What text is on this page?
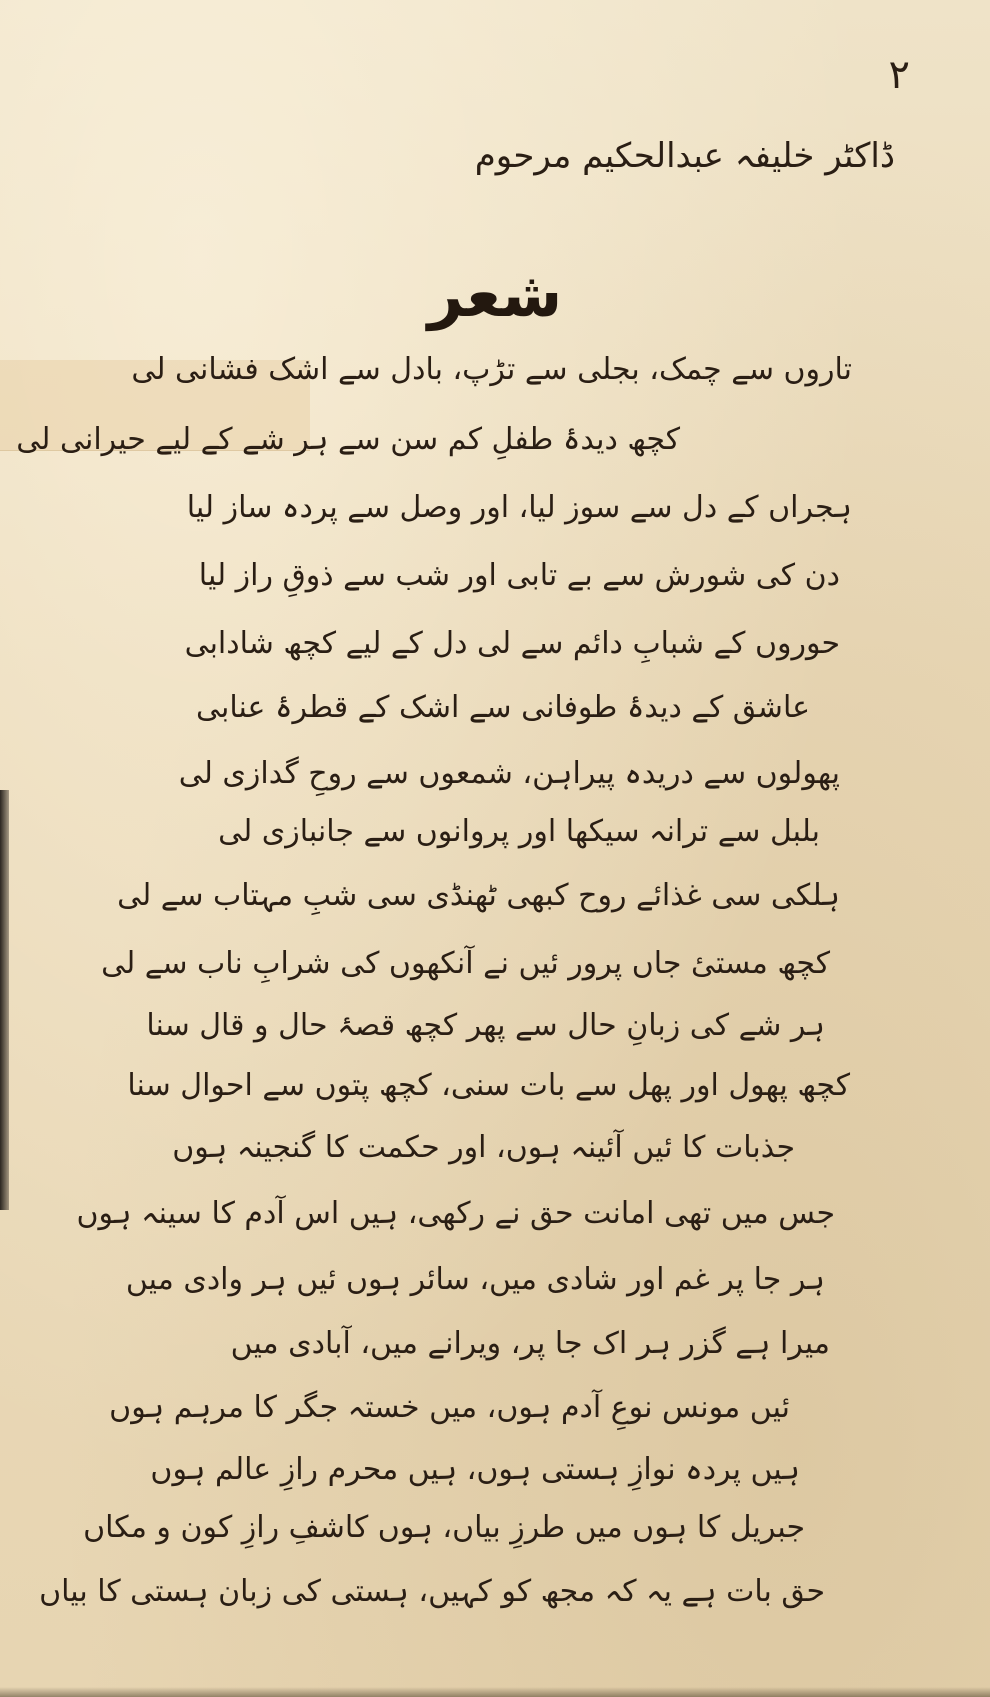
۲
ڈاکٹر خلیفہ عبدالحکیم مرحوم
شعر
تاروں سے چمک، بجلی سے تڑپ، بادل سے اشک فشانی لی
کچھ دیدۂ طفلِ کم سن سے ہر شے کے لیے حیرانی لی
ہجراں کے دل سے سوز لیا، اور وصل سے پردہ ساز لیا
دن کی شورش سے بے تابی اور شب سے ذوقِ راز لیا
حوروں کے شبابِ دائم سے لی دل کے لیے کچھ شادابی
عاشق کے دیدۂ طوفانی سے اشک کے قطرۂ عنابی
پھولوں سے دریدہ پیراہن، شمعوں سے روحِ گدازی لی
بلبل سے ترانہ سیکھا اور پروانوں سے جانبازی لی
ہلکی سی غذائے روح کبھی ٹھنڈی سی شبِ مہتاب سے لی
کچھ مستیٔ جاں پرور ئیں نے آنکھوں کی شرابِ ناب سے لی
ہر شے کی زبانِ حال سے پھر کچھ قصۂ حال و قال سنا
کچھ پھول اور پھل سے بات سنی، کچھ پتوں سے احوال سنا
جذبات کا ئیں آئینہ ہوں، اور حکمت کا گنجینہ ہوں
جس میں تھی امانت حق نے رکھی، ہیں اس آدم کا سینہ ہوں
ہر جا پر غم اور شادی میں، سائر ہوں ئیں ہر وادی میں
میرا ہے گزر ہر اک جا پر، ویرانے میں، آبادی میں
ئیں مونس نوعِ آدم ہوں، میں خستہ جگر کا مرہم ہوں
ہیں پردہ نوازِ ہستی ہوں، ہیں محرم رازِ عالم ہوں
جبریل کا ہوں میں طرزِ بیاں، ہوں کاشفِ رازِ کون و مکاں
حق بات ہے یہ کہ مجھ کو کہیں، ہستی کی زبان ہستی کا بیاں
